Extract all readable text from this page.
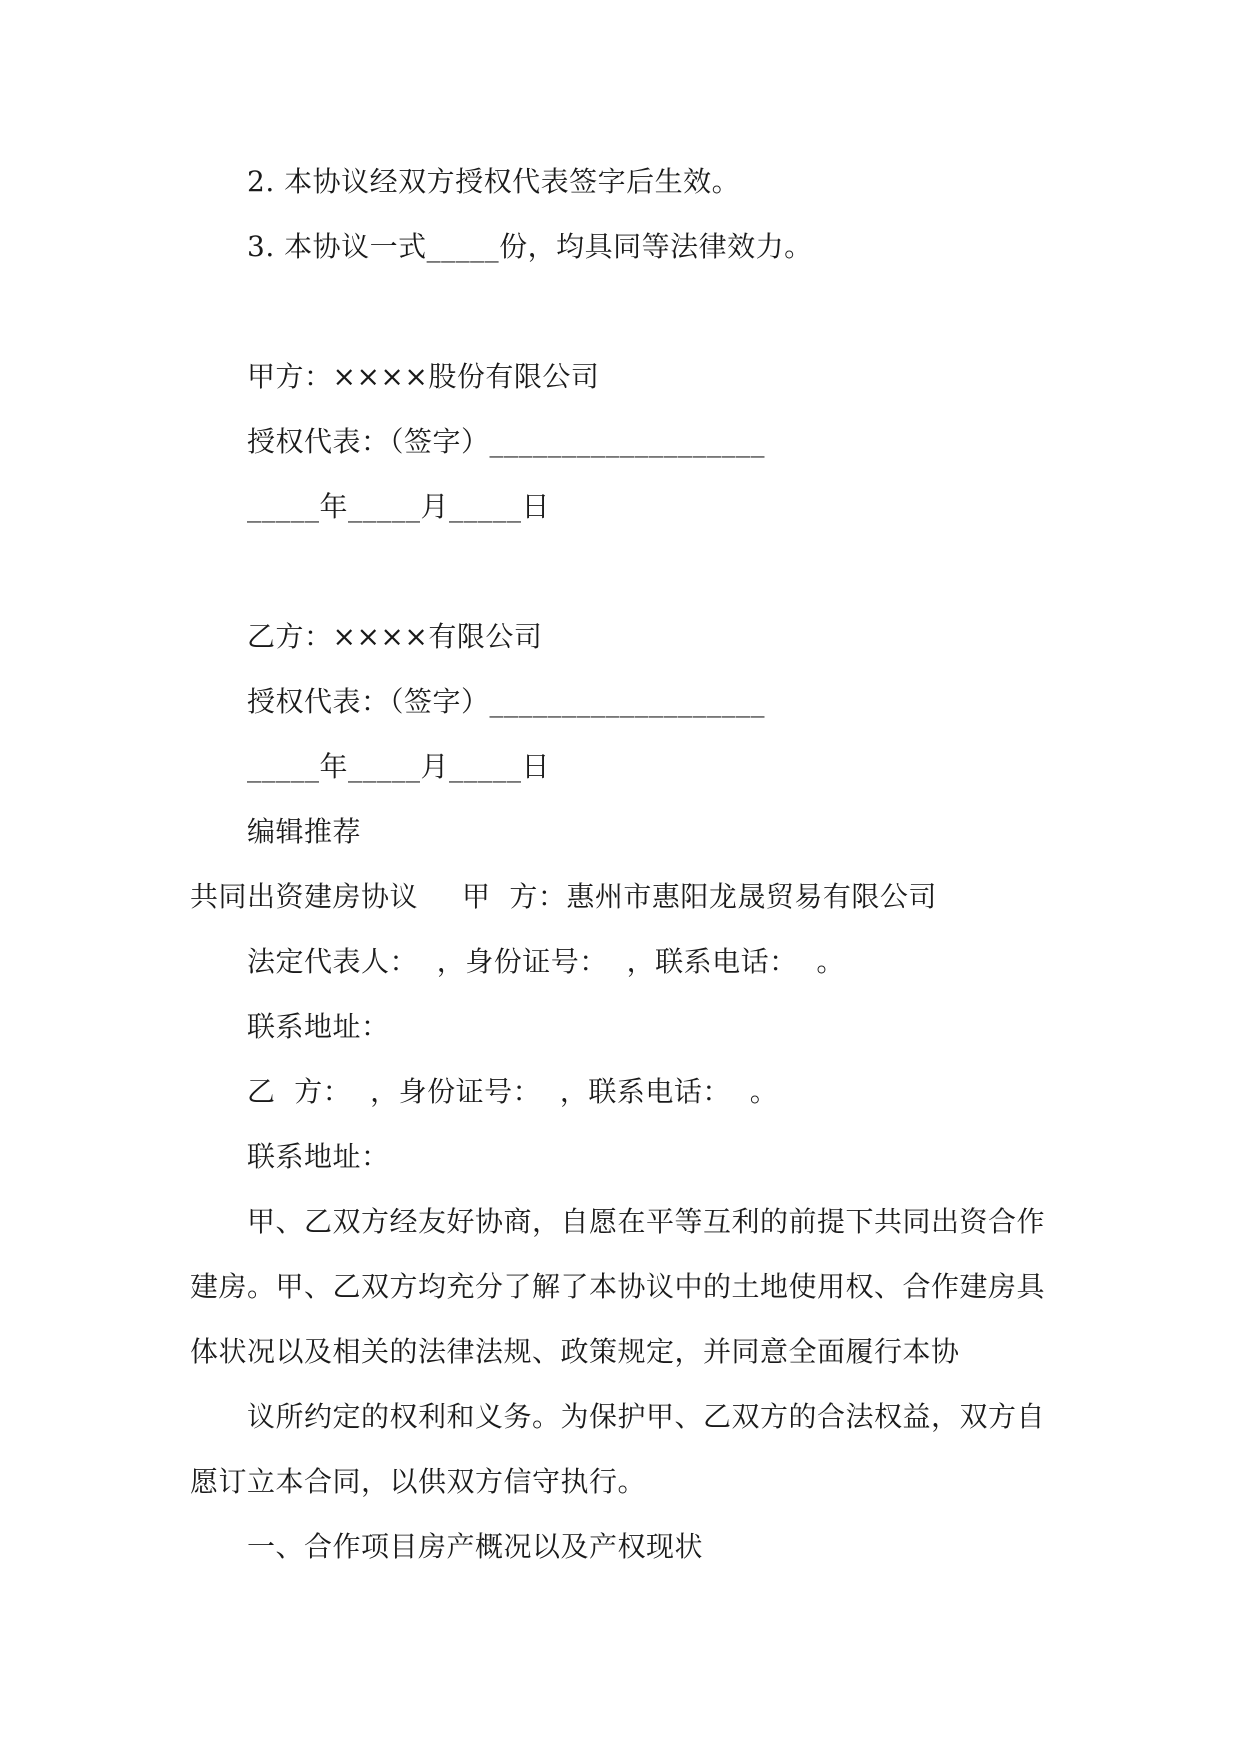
2. 本协议经双方授权代表签字后生效。
3. 本协议一式_____份，均具同等法律效力。
甲方：××××股份有限公司
授权代表：（签字）___________________
_____年_____月_____日
乙方：××××有限公司
授权代表：（签字）___________________
_____年_____月_____日
编辑推荐
共同出资建房协议 甲  方：惠州市惠阳龙晟贸易有限公司
法定代表人：  ，身份证号：  ，联系电话：  。
联系地址：
乙  方：  ，身份证号：  ，联系电话：  。
联系地址：
甲、乙双方经友好协商，自愿在平等互利的前提下共同出资合作
建房。甲、乙双方均充分了解了本协议中的土地使用权、合作建房具
体状况以及相关的法律法规、政策规定，并同意全面履行本协
议所约定的权利和义务。为保护甲、乙双方的合法权益，双方自
愿订立本合同，以供双方信守执行。
一、合作项目房产概况以及产权现状
